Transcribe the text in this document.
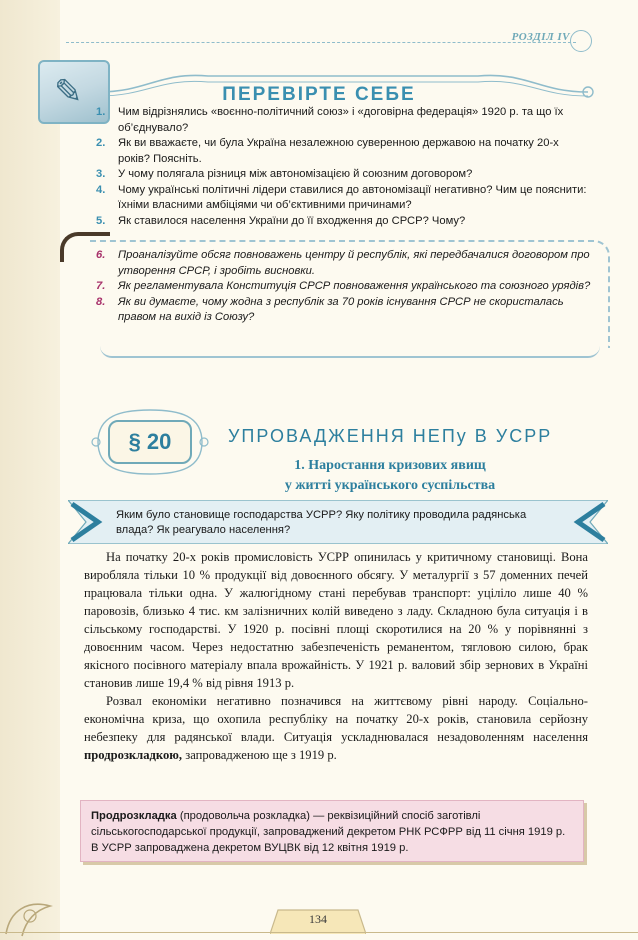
РОЗДІЛ IV
✎	ПЕРЕВІРТЕ СЕБЕ
1. Чим відрізнялись «воєнно-політичний союз» і «договірна федерація» 1920 р. та що їх об’єднувало?
2. Як ви вважаєте, чи була Україна незалежною суверенною державою на початку 20-х років? Поясніть.
3. У чому полягала різниця між автономізацією й союзним договором?
4. Чому українські політичні лідери ставилися до автономізації негативно? Чим це пояснити: їхніми власними амбіціями чи об’єктивними причинами?
5. Як ставилося населення України до її входження до СРСР? Чому?
6. Проаналізуйте обсяг повноважень центру й республік, які передбачалися договором про утворення СРСР, і зробіть висновки.
7. Як регламентувала Конституція СРСР повноваження українського та союзного урядів?
8. Як ви думаєте, чому жодна з республік за 70 років існування СРСР не скористалась правом на вихід із Союзу?
§ 20	УПРОВАДЖЕННЯ НЕПу В УСРР
1. Наростання кризових явищ
у житті українського суспільства
Яким було становище господарства УСРР? Яку політику проводила радянська влада? Як реагувало населення?

На початку 20-х років промисловість УСРР опинилась у критичному становищі. Вона виробляла тільки 10 % продукції від довоєнного обсягу. У металургії з 57 доменних печей працювала тільки одна. У жалюгідному стані перебував транспорт: уціліло лише 40 % паровозів, близько 4 тис. км залізничних колій виведено з ладу. Складною була ситуація і в сільському господарстві. У 1920 р. посівні площі скоротилися на 20 % у порівнянні з довоєнним часом. Через недостатню забезпеченість реманентом, тягловою силою, брак якісного посівного матеріалу впала врожайність. У 1921 р. валовий збір зернових в Україні становив лише 19,4 % від рівня 1913 р.

Розвал економіки негативно позначився на життєвому рівні народу. Соціально-економічна криза, що охопила республіку на початку 20-х років, становила серйозну небезпеку для радянської влади. Ситуація ускладнювалася незадоволенням населення продрозкладкою, запровадженою ще з 1919 р.

Продрозкладка (продовольча розкладка) — реквізиційний спосіб заготівлі сільськогосподарської продукції, запроваджений декретом РНК РСФРР від 11 січня 1919 р. В УСРР запроваджена декретом ВУЦВК від 12 квітня 1919 р.
134
